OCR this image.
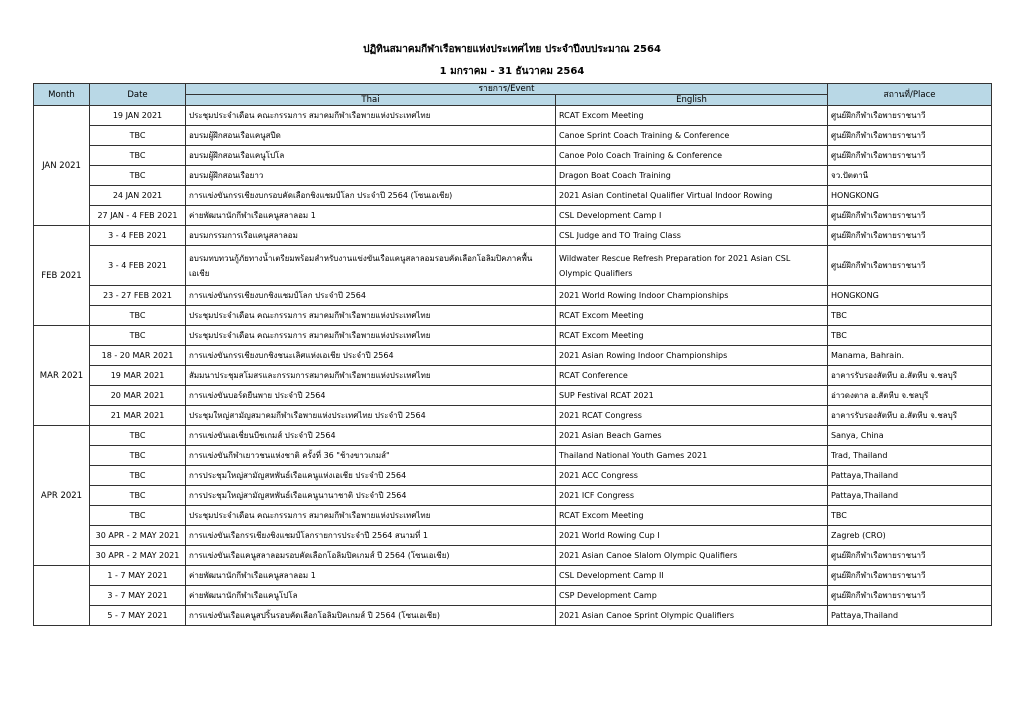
ปฏิทินสมาคมกีฬาเรือพายแห่งประเทศไทย ประจำปีงบประมาณ 2564
1 มกราคม - 31 ธันวาคม 2564
Month	Date	รายการ/Event		สถานที่/Place
		Thai	English	
JAN 2021	19 JAN 2021	ประชุมประจำเดือน คณะกรรมการ สมาคมกีฬาเรือพายแห่งประเทศไทย	RCAT Excom Meeting	ศูนย์ฝึกกีฬาเรือพายราชนาวี
	TBC	อบรมผู้ฝึกสอนเรือแคนูสปีด	Canoe Sprint Coach Training & Conference	ศูนย์ฝึกกีฬาเรือพายราชนาวี
	TBC	อบรมผู้ฝึกสอนเรือแคนูโปโล	Canoe Polo Coach Training & Conference	ศูนย์ฝึกกีฬาเรือพายราชนาวี
	TBC	อบรมผู้ฝึกสอนเรือยาว	Dragon Boat Coach Training	จว.ปัตตานี
	24 JAN 2021	การแข่งขันกรรเชียงบกรอบคัดเลือกชิงแชมป์โลก ประจำปี 2564 (โซนเอเชีย)	2021 Asian Continetal Qualifier Virtual Indoor Rowing	HONGKONG
	27 JAN - 4 FEB 2021	ค่ายพัฒนานักกีฬาเรือแคนูสลาลอม 1	CSL Development Camp I	ศูนย์ฝึกกีฬาเรือพายราชนาวี
FEB 2021	3 - 4 FEB 2021	อบรมกรรมการเรือแคนูสลาลอม	CSL Judge and TO Traing Class	ศูนย์ฝึกกีฬาเรือพายราชนาวี
	3 - 4 FEB 2021	อบรมทบทวนกู้ภัยทางน้ำเตรียมพร้อมสำหรับงานแข่งขันเรือแคนูสลาลอมรอบคัดเลือกโอลิมปิคภาคพื้นเอเชีย	Wildwater Rescue Refresh Preparation for 2021 Asian CSL Olympic Qualifiers	ศูนย์ฝึกกีฬาเรือพายราชนาวี
	23 - 27 FEB 2021	การแข่งขันกรรเชียงบกชิงแชมป์โลก ประจำปี 2564	2021 World Rowing Indoor Championships	HONGKONG
	TBC	ประชุมประจำเดือน คณะกรรมการ สมาคมกีฬาเรือพายแห่งประเทศไทย	RCAT Excom Meeting	TBC
MAR 2021	TBC	ประชุมประจำเดือน คณะกรรมการ สมาคมกีฬาเรือพายแห่งประเทศไทย	RCAT Excom Meeting	TBC
	18 - 20 MAR 2021	การแข่งขันกรรเชียงบกชิงชนะเลิศแห่งเอเชีย ประจำปี 2564	2021 Asian Rowing Indoor Championships	Manama, Bahrain.
	19 MAR 2021	สัมมนาประชุมสโมสรและกรรมการสมาคมกีฬาเรือพายแห่งประเทศไทย	RCAT Conference	อาคารรับรองสัตหีบ อ.สัตหีบ จ.ชลบุรี
	20 MAR 2021	การแข่งขันบอร์ดยืนพาย ประจำปี 2564	SUP Festival RCAT 2021	อ่าวดงตาล อ.สัตหีบ จ.ชลบุรี
	21 MAR 2021	ประชุมใหญ่สามัญสมาคมกีฬาเรือพายแห่งประเทศไทย ประจำปี 2564	2021 RCAT Congress	อาคารรับรองสัตหีบ อ.สัตหีบ จ.ชลบุรี
APR 2021	TBC	การแข่งขันเอเชี่ยนบีชเกมส์ ประจำปี 2564	2021 Asian Beach Games	Sanya, China
	TBC	การแข่งขันกีฬาเยาวชนแห่งชาติ ครั้งที่ 36 "ช้างขาวเกมส์"	Thailand National Youth Games 2021	Trad, Thailand
	TBC	การประชุมใหญ่สามัญสหพันธ์เรือแคนูแห่งเอเชีย ประจำปี 2564	2021 ACC Congress	Pattaya,Thailand
	TBC	การประชุมใหญ่สามัญสหพันธ์เรือแคนูนานาชาติ ประจำปี 2564	2021 ICF Congress	Pattaya,Thailand
	TBC	ประชุมประจำเดือน คณะกรรมการ สมาคมกีฬาเรือพายแห่งประเทศไทย	RCAT Excom Meeting	TBC
	30 APR - 2 MAY 2021	การแข่งขันเรือกรรเชียงชิงแชมป์โลกรายการประจำปี 2564 สนามที่ 1	2021 World Rowing Cup I	Zagreb (CRO)
	30 APR - 2 MAY 2021	การแข่งขันเรือแคนูสลาลอมรอบคัดเลือกโอลิมปิคเกมส์ ปี 2564 (โซนเอเชีย)	2021 Asian Canoe Slalom Olympic Qualifiers	ศูนย์ฝึกกีฬาเรือพายราชนาวี
	1 - 7 MAY 2021	ค่ายพัฒนานักกีฬาเรือแคนูสลาลอม 1	CSL Development Camp II	ศูนย์ฝึกกีฬาเรือพายราชนาวี
	3 - 7 MAY 2021	ค่ายพัฒนานักกีฬาเรือแคนูโปโล	CSP Development Camp	ศูนย์ฝึกกีฬาเรือพายราชนาวี
	5 - 7 MAY 2021	การแข่งขันเรือแคนูสปริ้นรอบคัดเลือกโอลิมปิคเกมส์ ปี 2564 (โซนเอเชีย)	2021 Asian Canoe Sprint Olympic Qualifiers	Pattaya,Thailand
